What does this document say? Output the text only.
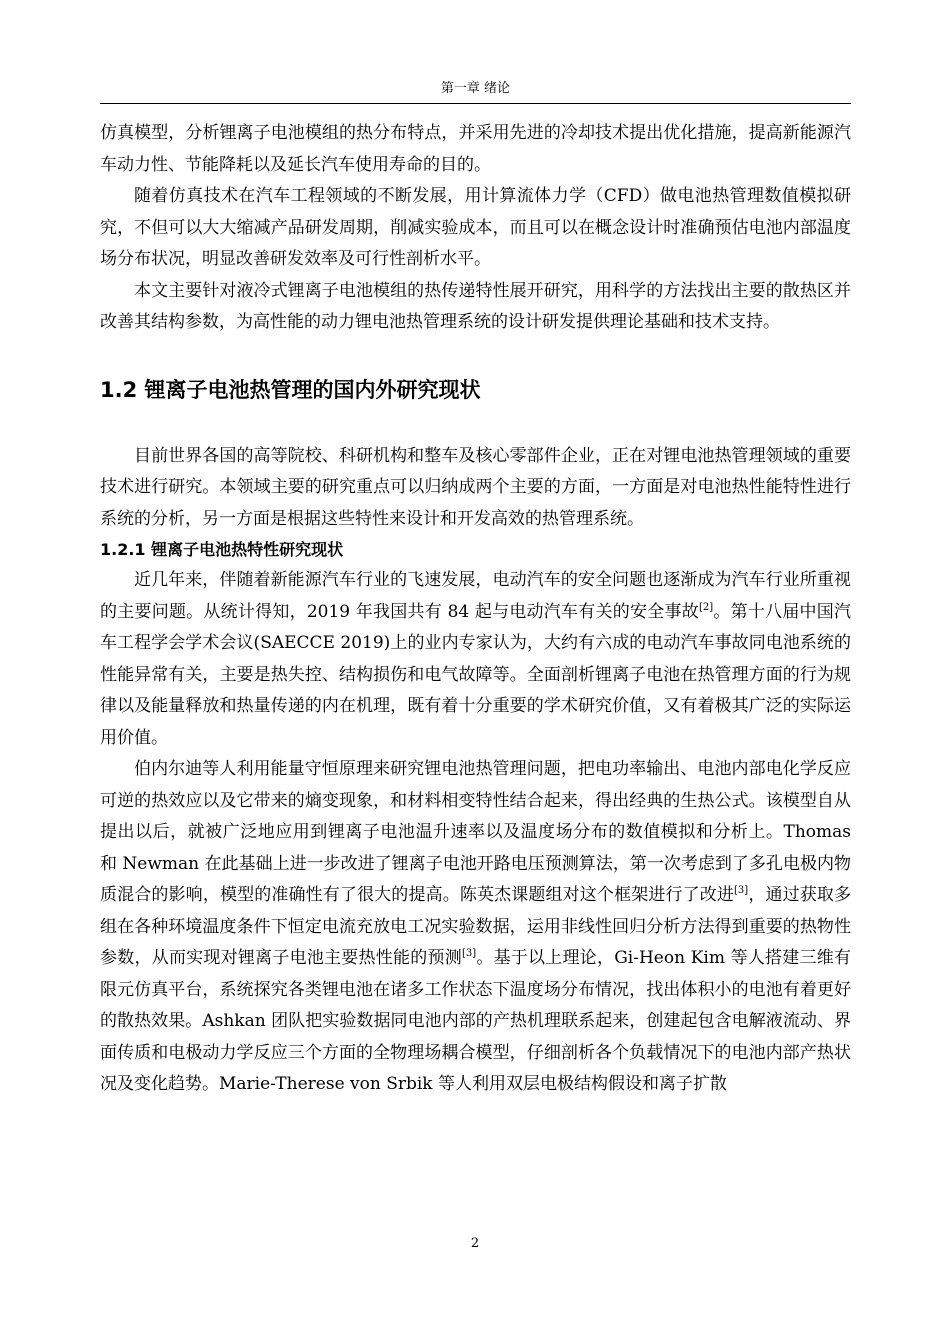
第一章 绪论

仿真模型，分析锂离子电池模组的热分布特点，并采用先进的冷却技术提出优化措施，提高新能源汽车动力性、节能降耗以及延长汽车使用寿命的目的。

随着仿真技术在汽车工程领域的不断发展，用计算流体力学（CFD）做电池热管理数值模拟研究，不但可以大大缩减产品研发周期，削减实验成本，而且可以在概念设计时准确预估电池内部温度场分布状况，明显改善研发效率及可行性剖析水平。

本文主要针对液冷式锂离子电池模组的热传递特性展开研究，用科学的方法找出主要的散热区并改善其结构参数，为高性能的动力锂电池热管理系统的设计研发提供理论基础和技术支持。

1.2 锂离子电池热管理的国内外研究现状

目前世界各国的高等院校、科研机构和整车及核心零部件企业，正在对锂电池热管理领域的重要技术进行研究。本领域主要的研究重点可以归纳成两个主要的方面，一方面是对电池热性能特性进行系统的分析，另一方面是根据这些特性来设计和开发高效的热管理系统。

1.2.1 锂离子电池热特性研究现状

近几年来，伴随着新能源汽车行业的飞速发展，电动汽车的安全问题也逐渐成为汽车行业所重视的主要问题。从统计得知，2019 年我国共有 84 起与电动汽车有关的安全事故[2]。第十八届中国汽车工程学会学术会议(SAECCE 2019)上的业内专家认为，大约有六成的电动汽车事故同电池系统的性能异常有关，主要是热失控、结构损伤和电气故障等。全面剖析锂离子电池在热管理方面的行为规律以及能量释放和热量传递的内在机理，既有着十分重要的学术研究价值，又有着极其广泛的实际运用价值。

伯内尔迪等人利用能量守恒原理来研究锂电池热管理问题，把电功率输出、电池内部电化学反应可逆的热效应以及它带来的熵变现象，和材料相变特性结合起来，得出经典的生热公式。该模型自从提出以后，就被广泛地应用到锂离子电池温升速率以及温度场分布的数值模拟和分析上。Thomas 和 Newman 在此基础上进一步改进了锂离子电池开路电压预测算法，第一次考虑到了多孔电极内物质混合的影响，模型的准确性有了很大的提高。陈英杰课题组对这个框架进行了改进[3]，通过获取多组在各种环境温度条件下恒定电流充放电工况实验数据，运用非线性回归分析方法得到重要的热物性参数，从而实现对锂离子电池主要热性能的预测[3]。基于以上理论，Gi-Heon Kim 等人搭建三维有限元仿真平台，系统探究各类锂电池在诸多工作状态下温度场分布情况，找出体积小的电池有着更好的散热效果。Ashkan 团队把实验数据同电池内部的产热机理联系起来，创建起包含电解液流动、界面传质和电极动力学反应三个方面的全物理场耦合模型，仔细剖析各个负载情况下的电池内部产热状况及变化趋势。Marie-Therese von Srbik 等人利用双层电极结构假设和离子扩散

2
